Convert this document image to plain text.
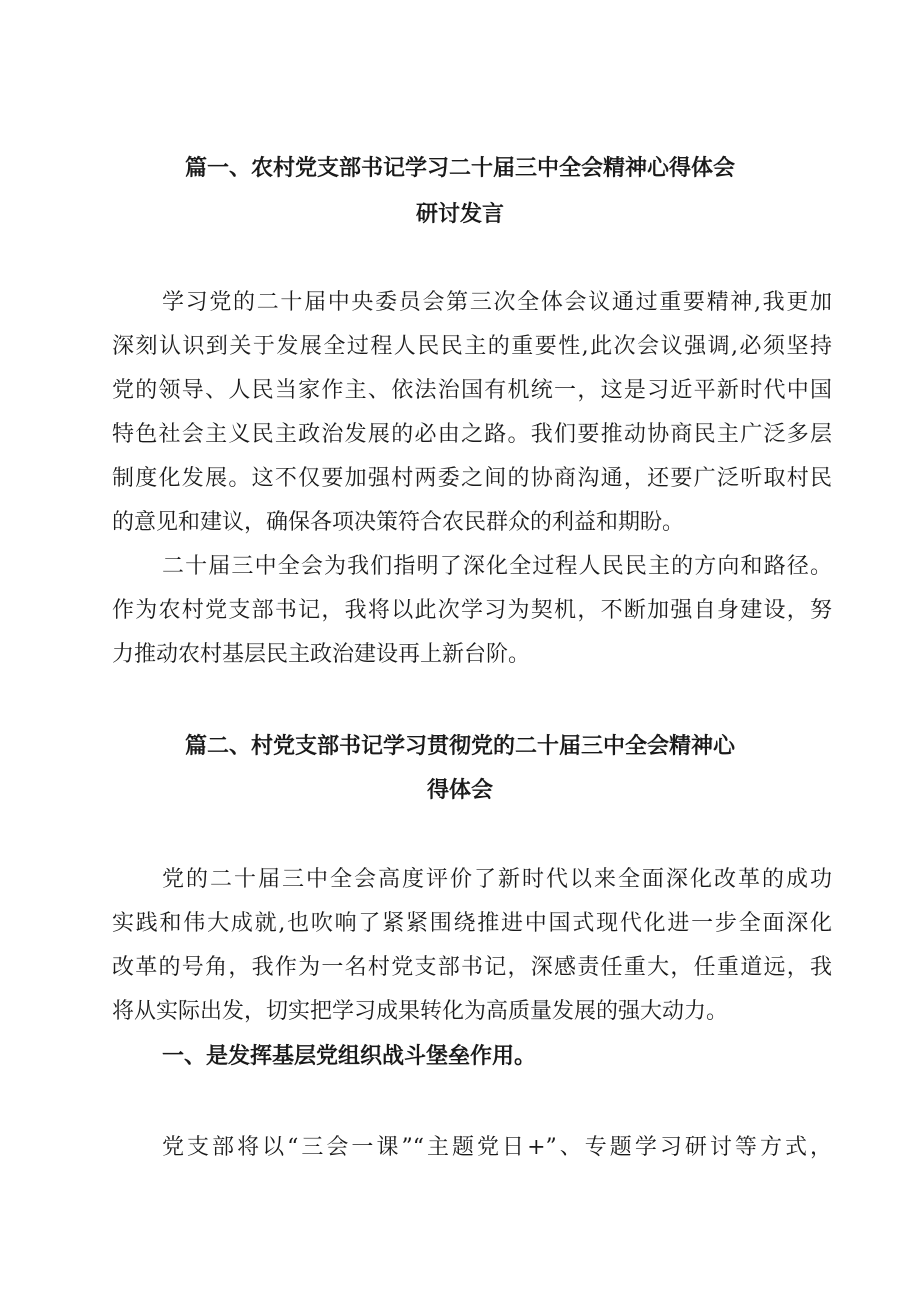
篇一、农村党支部书记学习二十届三中全会精神心得体会
研讨发言
学习党的二十届中央委员会第三次全体会议通过重要精神,我更加
深刻认识到关于发展全过程人民民主的重要性,此次会议强调,必须坚持
党的领导、人民当家作主、依法治国有机统一，这是习近平新时代中国
特色社会主义民主政治发展的必由之路。我们要推动协商民主广泛多层
制度化发展。这不仅要加强村两委之间的协商沟通，还要广泛听取村民
的意见和建议，确保各项决策符合农民群众的利益和期盼。
二十届三中全会为我们指明了深化全过程人民民主的方向和路径。
作为农村党支部书记，我将以此次学习为契机，不断加强自身建设，努
力推动农村基层民主政治建设再上新台阶。
篇二、村党支部书记学习贯彻党的二十届三中全会精神心
得体会
党的二十届三中全会高度评价了新时代以来全面深化改革的成功
实践和伟大成就,也吹响了紧紧围绕推进中国式现代化进一步全面深化
改革的号角，我作为一名村党支部书记，深感责任重大，任重道远，我
将从实际出发，切实把学习成果转化为高质量发展的强大动力。
一、是发挥基层党组织战斗堡垒作用。
党支部将以“三会一课”“主题党日+”、专题学习研讨等方式，
